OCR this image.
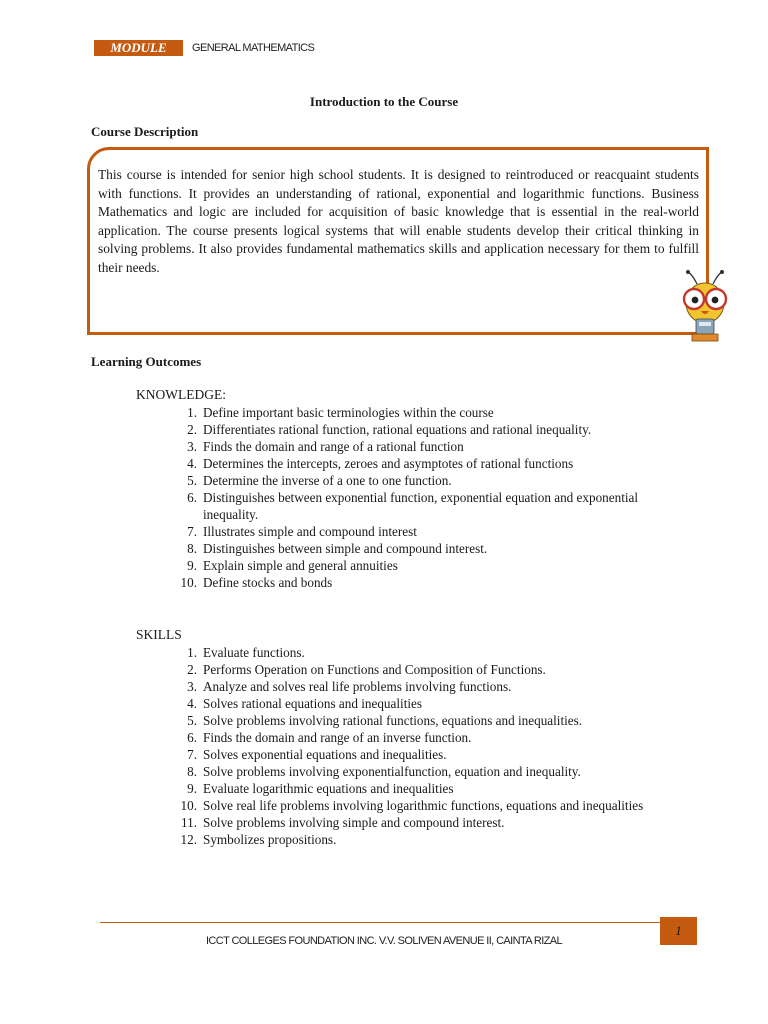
MODULE	GENERAL MATHEMATICS
Introduction to the Course
Course Description
This course is intended for senior high school students. It is designed to reintroduced or reacquaint students with functions. It provides an understanding of rational, exponential and logarithmic functions. Business Mathematics and logic are included for acquisition of basic knowledge that is essential in the real-world application. The course presents logical systems that will enable students develop their critical thinking in solving problems. It also provides fundamental mathematics skills and application necessary for them to fulfill their needs.
Learning Outcomes
KNOWLEDGE:
1. Define important basic terminologies within the course
2. Differentiates rational function, rational equations and rational inequality.
3. Finds the domain and range of a rational function
4. Determines the intercepts, zeroes and asymptotes of rational functions
5. Determine the inverse of a one to one function.
6. Distinguishes between exponential function, exponential equation and exponential inequality.
7. Illustrates simple and compound interest
8. Distinguishes between simple and compound interest.
9. Explain simple and general annuities
10. Define stocks and bonds
SKILLS
1. Evaluate functions.
2. Performs Operation on Functions and Composition of Functions.
3. Analyze and solves real life problems involving functions.
4. Solves rational equations and inequalities
5. Solve problems involving rational functions, equations and inequalities.
6. Finds the domain and range of an inverse function.
7. Solves exponential equations and inequalities.
8. Solve problems involving exponentialfunction, equation and inequality.
9. Evaluate logarithmic equations and inequalities
10. Solve real life problems involving logarithmic functions, equations and inequalities
11. Solve problems involving simple and compound interest.
12. Symbolizes propositions.
1
ICCT COLLEGES FOUNDATION INC. V.V. SOLIVEN AVENUE II, CAINTA RIZAL
